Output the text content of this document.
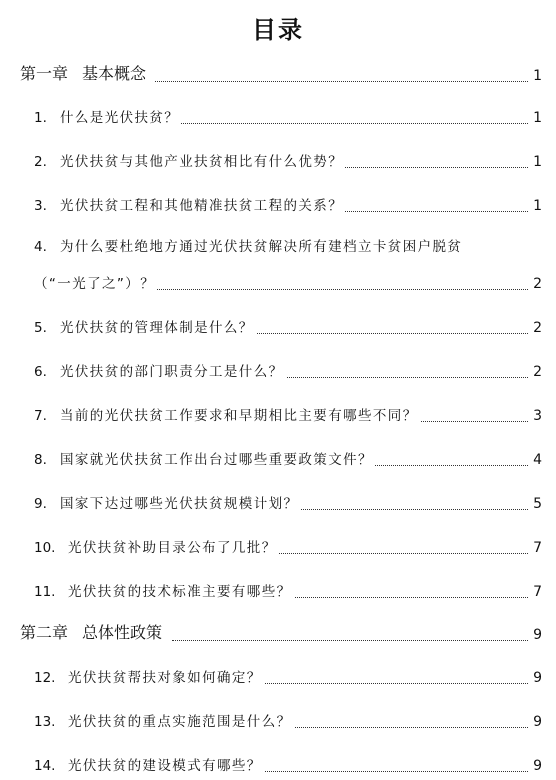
目录
第一章 基本概念	1
1. 什么是光伏扶贫？	1
2. 光伏扶贫与其他产业扶贫相比有什么优势？	1
3. 光伏扶贫工程和其他精准扶贫工程的关系？	1
4. 为什么要杜绝地方通过光伏扶贫解决所有建档立卡贫困户脱贫
（“一光了之”）？	2
5. 光伏扶贫的管理体制是什么？	2
6. 光伏扶贫的部门职责分工是什么？	2
7. 当前的光伏扶贫工作要求和早期相比主要有哪些不同？	3
8. 国家就光伏扶贫工作出台过哪些重要政策文件？	4
9. 国家下达过哪些光伏扶贫规模计划？	5
10. 光伏扶贫补助目录公布了几批？	7
11. 光伏扶贫的技术标准主要有哪些？	7
第二章 总体性政策	9
12. 光伏扶贫帮扶对象如何确定？	9
13. 光伏扶贫的重点实施范围是什么？	9
14. 光伏扶贫的建设模式有哪些？	9
